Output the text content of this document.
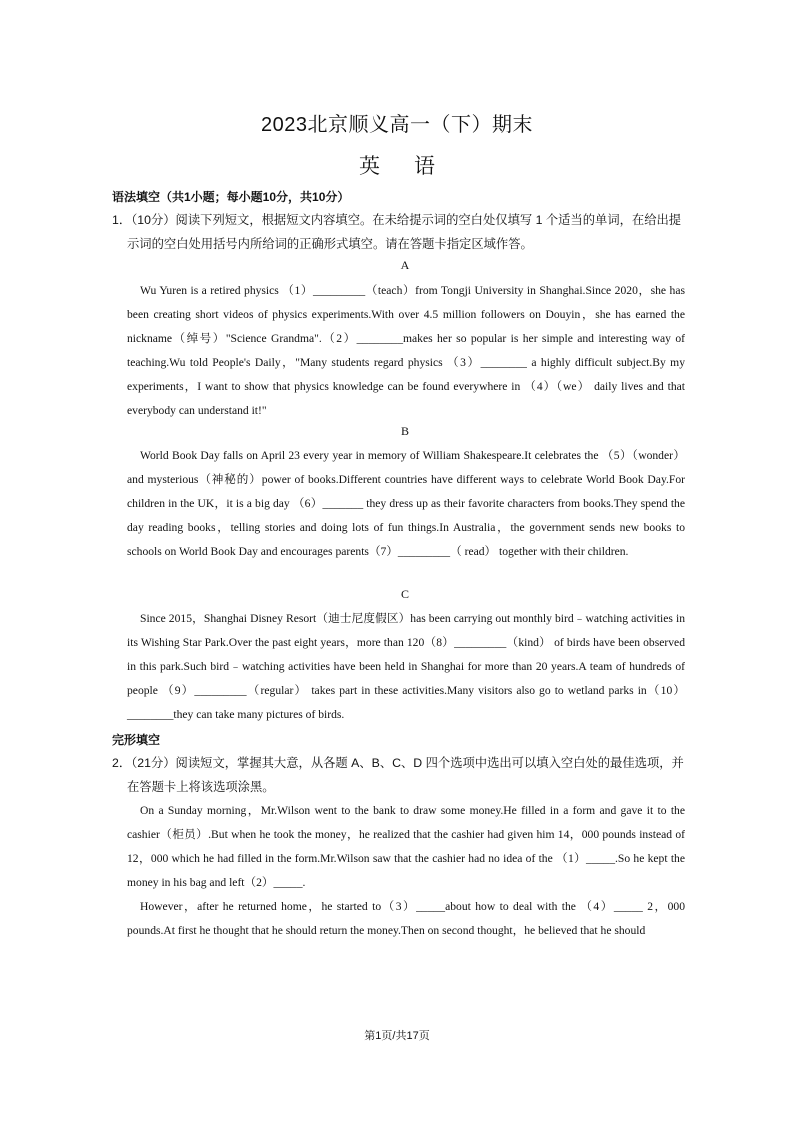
2023北京顺义高一（下）期末
英语
语法填空（共1小题；每小题10分，共10分）
1．（10分）阅读下列短文，根据短文内容填空。在未给提示词的空白处仅填写 1 个适当的单词，在给出提
示词的空白处用括号内所给词的正确形式填空。请在答题卡指定区域作答。
A

Wu Yuren is a retired physics （1）_________（teach）from Tongji University in Shanghai.Since 2020，she has been creating short videos of physics experiments.With over 4.5 million followers on Douyin，she has earned the nickname（绰号）"Science Grandma".（2）________makes her so popular is her simple and interesting way of teaching.Wu told People's Daily，"Many students regard physics （3）________ a highly difficult subject.By my experiments，I want to show that physics knowledge can be found everywhere in （4）（we） daily lives and that everybody can understand it!"

B

World Book Day falls on April 23 every year in memory of William Shakespeare.It celebrates the （5）（wonder）and mysterious（神秘的）power of books.Different countries have different ways to celebrate World Book Day.For children in the UK，it is a big day （6）_______ they dress up as their favorite characters from books.They spend the day reading books，telling stories and doing lots of fun things.In Australia，the government sends new books to schools on World Book Day and encourages parents（7）_________（ read） together with their children.

C

Since 2015，Shanghai Disney Resort（迪士尼度假区）has been carrying out monthly bird﹣watching activities in its Wishing Star Park.Over the past eight years，more than 120（8）_________（kind） of birds have been observed in this park.Such bird﹣watching activities have been held in Shanghai for more than 20 years.A team of hundreds of people （9）_________（regular） takes part in these activities.Many visitors also go to wetland parks in（10）________they can take many pictures of birds.

完形填空
2．（21分）阅读短文，掌握其大意，从各题 A、B、C、D 四个选项中选出可以填入空白处的最佳选项，并
在答题卡上将该选项涂黑。

On a Sunday morning，Mr.Wilson went to the bank to draw some money.He filled in a form and gave it to the cashier（柜员）.But when he took the money，he realized that the cashier had given him 14，000 pounds instead of 12，000 which he had filled in the form.Mr.Wilson saw that the cashier had no idea of the （1）_____.So he kept the money in his bag and left（2）_____.

However，after he returned home，he started to（3）_____about how to deal with the （4）_____ 2，000 pounds.At first he thought that he should return the money.Then on second thought，he believed that he should

第1页/共17页
